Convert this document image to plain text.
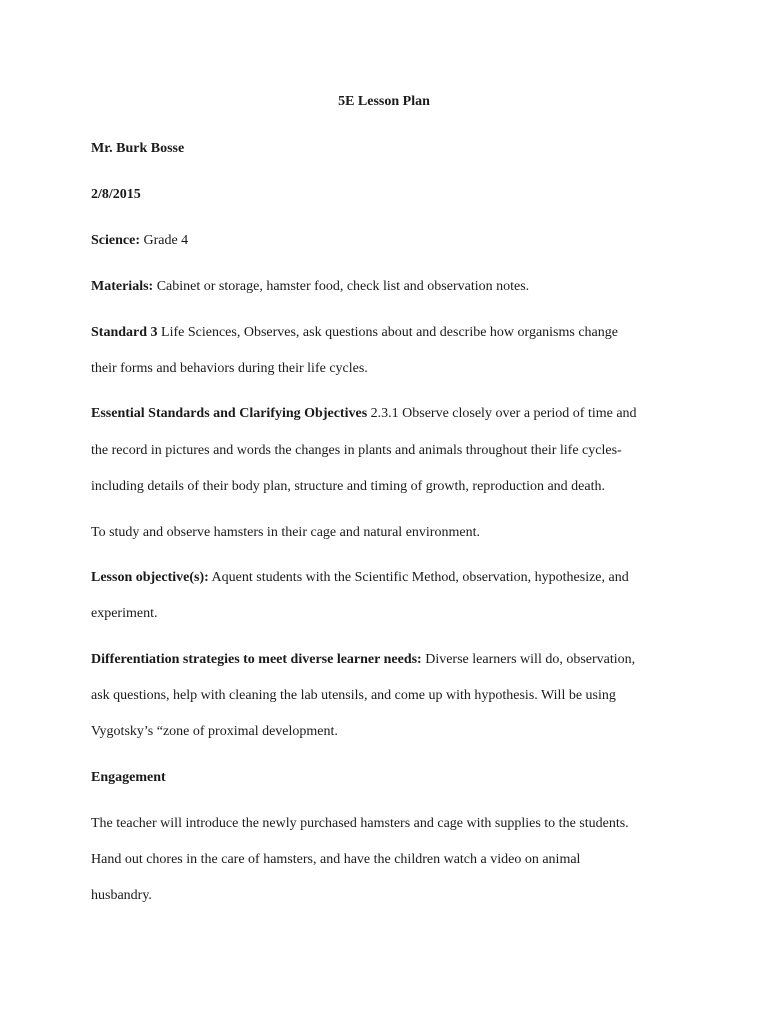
5E Lesson Plan
Mr. Burk Bosse
2/8/2015
Science: Grade 4
Materials: Cabinet or storage, hamster food, check list and observation notes.
Standard 3 Life Sciences, Observes, ask questions about and describe how organisms change
their forms and behaviors during their life cycles.
Essential Standards and Clarifying Objectives 2.3.1 Observe closely over a period of time and
the record in pictures and words the changes in plants and animals throughout their life cycles-
including details of their body plan, structure and timing of growth, reproduction and death.
To study and observe hamsters in their cage and natural environment.
Lesson objective(s): Aquent students with the Scientific Method, observation, hypothesize, and
experiment.
Differentiation strategies to meet diverse learner needs: Diverse learners will do, observation,
ask questions, help with cleaning the lab utensils, and come up with hypothesis. Will be using
Vygotsky’s “zone of proximal development.
Engagement
The teacher will introduce the newly purchased hamsters and cage with supplies to the students.
Hand out chores in the care of hamsters, and have the children watch a video on animal
husbandry.
